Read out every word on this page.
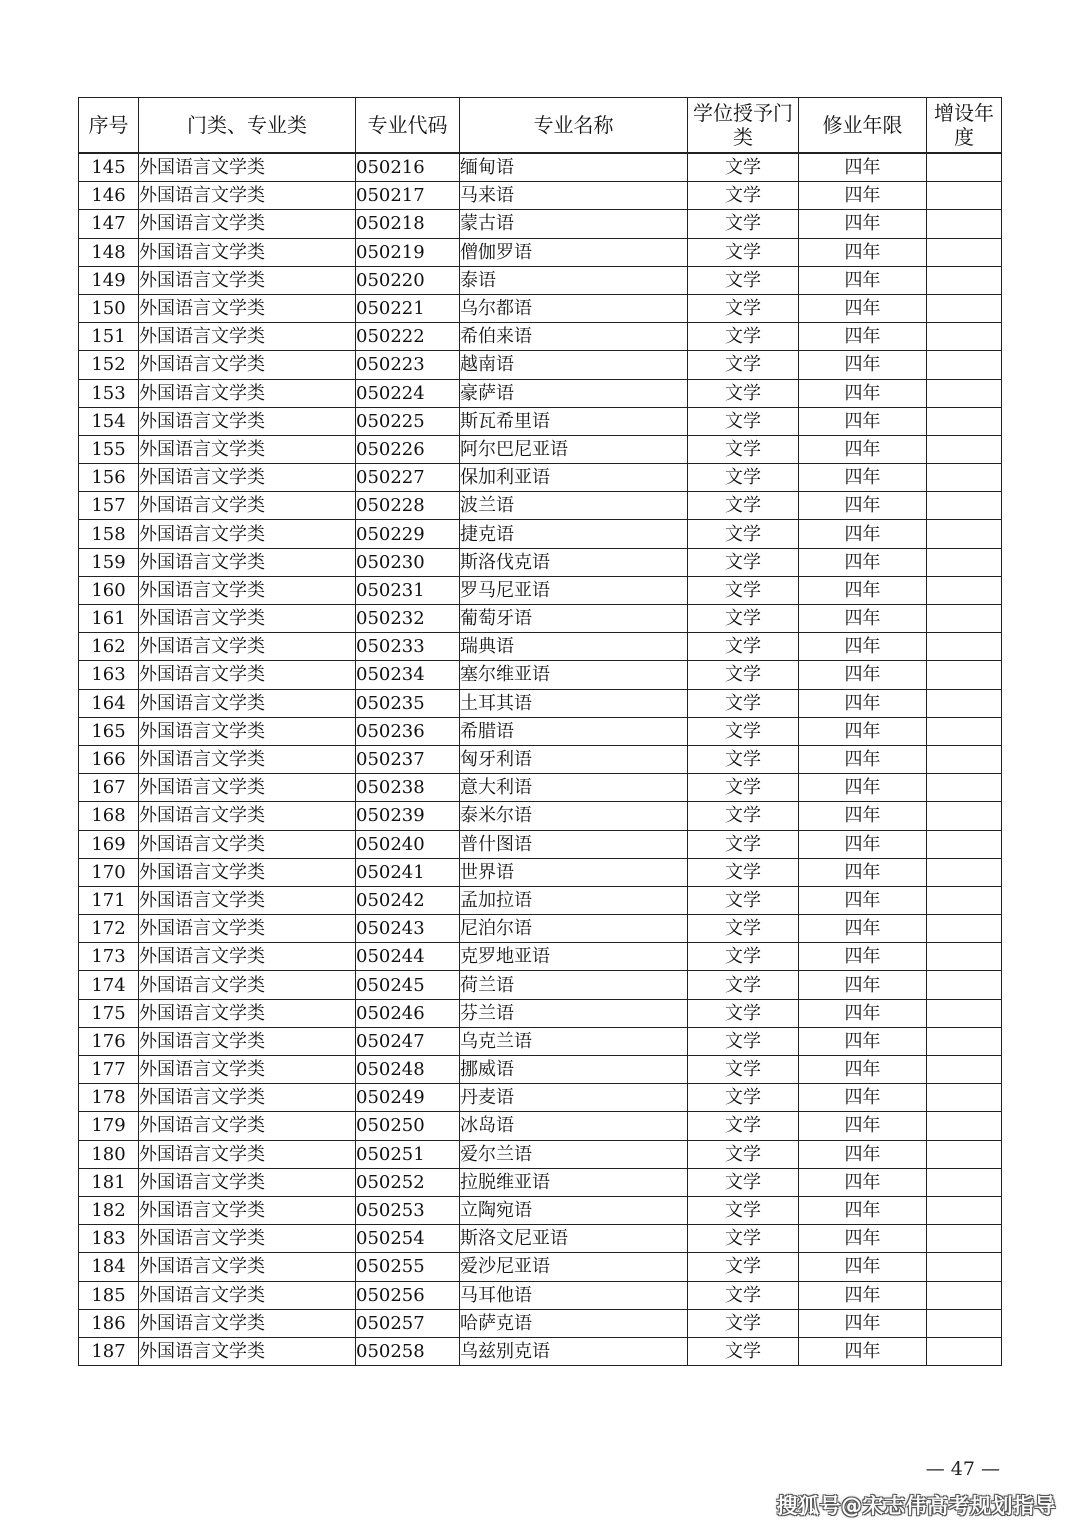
序号	门类、专业类	专业代码	专业名称	学位授予门类	修业年限	增设年度
145	外国语言文学类	050216	缅甸语	文学	四年	
146	外国语言文学类	050217	马来语	文学	四年	
147	外国语言文学类	050218	蒙古语	文学	四年	
148	外国语言文学类	050219	僧伽罗语	文学	四年	
149	外国语言文学类	050220	泰语	文学	四年	
150	外国语言文学类	050221	乌尔都语	文学	四年	
151	外国语言文学类	050222	希伯来语	文学	四年	
152	外国语言文学类	050223	越南语	文学	四年	
153	外国语言文学类	050224	豪萨语	文学	四年	
154	外国语言文学类	050225	斯瓦希里语	文学	四年	
155	外国语言文学类	050226	阿尔巴尼亚语	文学	四年	
156	外国语言文学类	050227	保加利亚语	文学	四年	
157	外国语言文学类	050228	波兰语	文学	四年	
158	外国语言文学类	050229	捷克语	文学	四年	
159	外国语言文学类	050230	斯洛伐克语	文学	四年	
160	外国语言文学类	050231	罗马尼亚语	文学	四年	
161	外国语言文学类	050232	葡萄牙语	文学	四年	
162	外国语言文学类	050233	瑞典语	文学	四年	
163	外国语言文学类	050234	塞尔维亚语	文学	四年	
164	外国语言文学类	050235	土耳其语	文学	四年	
165	外国语言文学类	050236	希腊语	文学	四年	
166	外国语言文学类	050237	匈牙利语	文学	四年	
167	外国语言文学类	050238	意大利语	文学	四年	
168	外国语言文学类	050239	泰米尔语	文学	四年	
169	外国语言文学类	050240	普什图语	文学	四年	
170	外国语言文学类	050241	世界语	文学	四年	
171	外国语言文学类	050242	孟加拉语	文学	四年	
172	外国语言文学类	050243	尼泊尔语	文学	四年	
173	外国语言文学类	050244	克罗地亚语	文学	四年	
174	外国语言文学类	050245	荷兰语	文学	四年	
175	外国语言文学类	050246	芬兰语	文学	四年	
176	外国语言文学类	050247	乌克兰语	文学	四年	
177	外国语言文学类	050248	挪威语	文学	四年	
178	外国语言文学类	050249	丹麦语	文学	四年	
179	外国语言文学类	050250	冰岛语	文学	四年	
180	外国语言文学类	050251	爱尔兰语	文学	四年	
181	外国语言文学类	050252	拉脱维亚语	文学	四年	
182	外国语言文学类	050253	立陶宛语	文学	四年	
183	外国语言文学类	050254	斯洛文尼亚语	文学	四年	
184	外国语言文学类	050255	爱沙尼亚语	文学	四年	
185	外国语言文学类	050256	马耳他语	文学	四年	
186	外国语言文学类	050257	哈萨克语	文学	四年	
187	外国语言文学类	050258	乌兹别克语	文学	四年	
— 47 —
搜狐号@宋志伟高考规划指导
